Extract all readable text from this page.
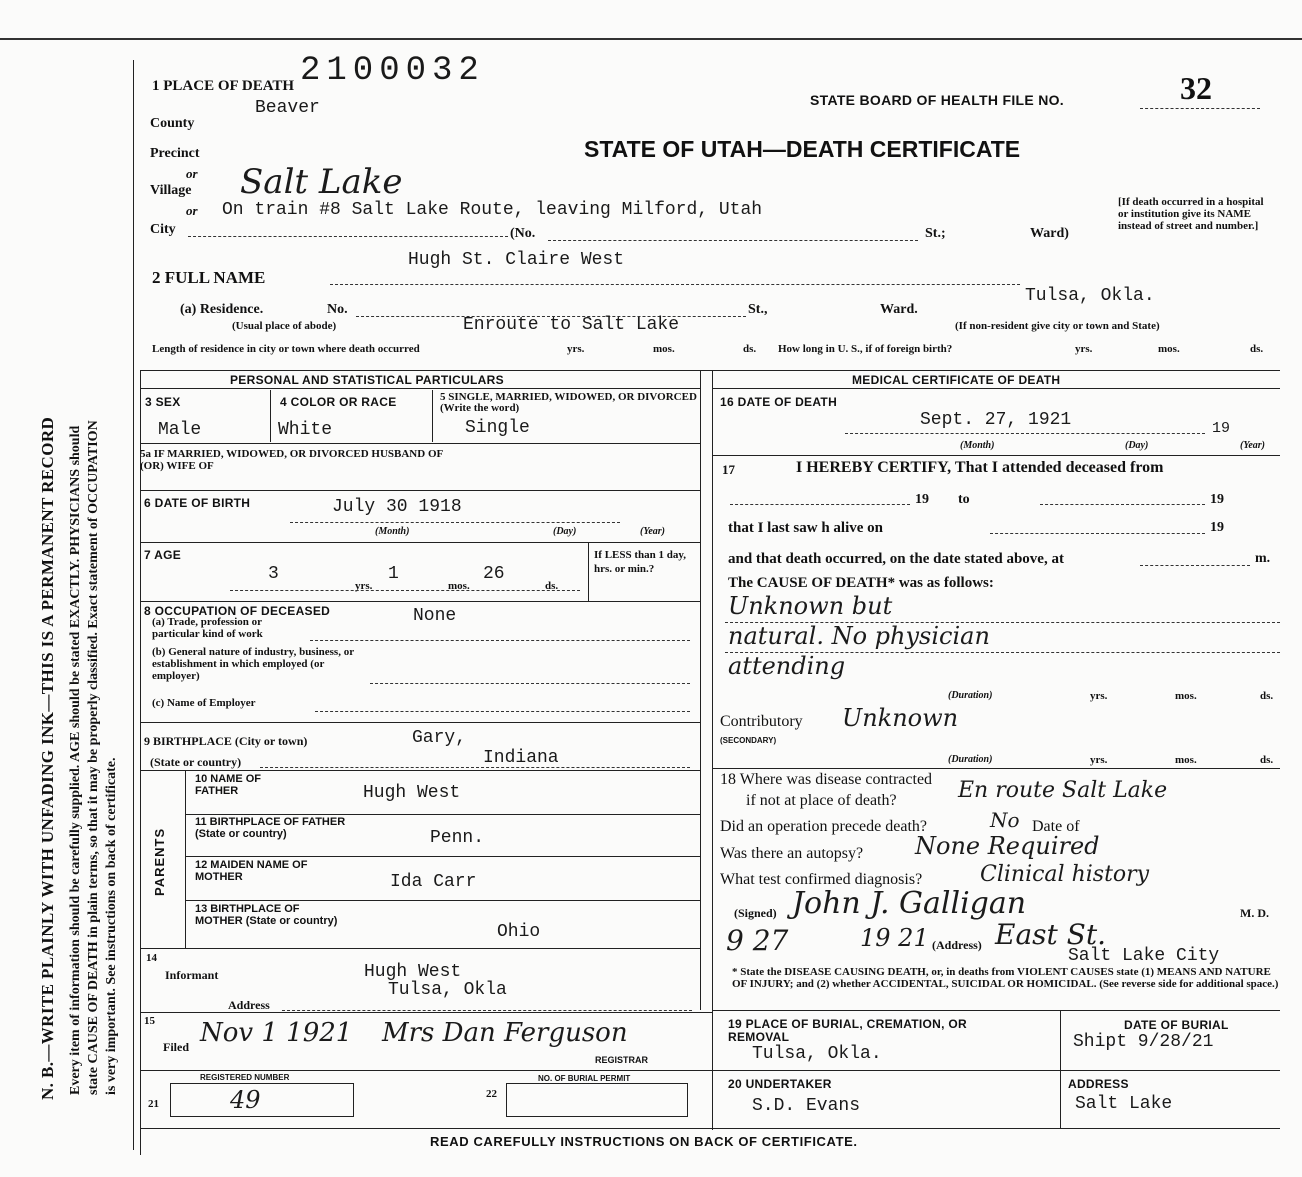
N. B.—WRITE PLAINLY WITH UNFADING INK—THIS IS A PERMANENT RECORD Every item of information should be carefully supplied. AGE should be stated EXACTLY. PHYSICIANS should state CAUSE OF DEATH in plain terms, so that it may be properly classified. Exact statement of OCCUPATION is very important. See instructions on back of certificate.
2100032
1 PLACE OF DEATH
STATE BOARD OF HEALTH FILE NO.	32
STATE OF UTAH—DEATH CERTIFICATE
County
Beaver
Precinct
or
Village Salt Lake
or On train #8 Salt Lake Route, leaving Milford, Utah
City	(No.	St.;	Ward)
[If death occurred in a hospital or institution give its NAME instead of street and number.]
2 FULL NAME
Hugh St. Claire West
(a) Residence.	No.	St.,	Ward.
Tulsa, Okla.
(Usual place of abode)	Enroute to Salt Lake	(If non-resident give city or town and State)
Length of residence in city or town where death occurred	yrs.	mos.	ds. How long in U. S., if of foreign birth?	yrs.	mos.	ds.
PERSONAL AND STATISTICAL PARTICULARS
3 SEX
Male
4 COLOR OR RACE
White
5 SINGLE, MARRIED, WIDOWED, OR DIVORCED (Write the word)
Single
5a IF MARRIED, WIDOWED, OR DIVORCED HUSBAND OF (OR) WIFE OF
6 DATE OF BIRTH	July 30 1918
(Month)	(Day)	(Year)
7 AGE
3
yrs.
1
mos.
26
ds.
If LESS than 1 day, hrs. or min.?
8 OCCUPATION OF DECEASED
(a) Trade, profession or particular kind of work
None
(b) General nature of industry, business, or establishment in which employed (or employer)
(c) Name of Employer
9 BIRTHPLACE (City or town)	Gary,
(State or country)	Indiana
PARENTS
10 NAME OF FATHER	Hugh West
11 BIRTHPLACE OF FATHER (State or country)	Penn.
12 MAIDEN NAME OF MOTHER	Ida Carr
13 BIRTHPLACE OF MOTHER (State or country)
Ohio
14
Informant	Hugh West
Tulsa, Okla
Address
15
Filed Nov 1 1921 Mrs Dan Ferguson
REGISTRAR
REGISTERED NUMBER
21	49	22
NO. OF BURIAL PERMIT
MEDICAL CERTIFICATE OF DEATH
16 DATE OF DEATH
Sept. 27, 1921	19
(Month)	(Day)	(Year)
17	I HEREBY CERTIFY, That I attended deceased from
to
19	19
that I last saw h alive on	19
and that death occurred, on the date stated above, at	m.
The CAUSE OF DEATH* was as follows:
Unknown but
natural. No physician
attending
(Duration)	yrs.	mos.	ds.
Contributory Unknown
(SECONDARY)
(Duration)	yrs.	mos.	ds.
18 Where was disease contracted
if not at place of death?	En route Salt Lake
Did an operation precede death?	No Date of
Was there an autopsy? None Required
What test confirmed diagnosis?	Clinical history
(Signed) John J. Galligan	M. D.
9 27	19 21 (Address) East St.
Salt Lake City
* State the DISEASE CAUSING DEATH, or, in deaths from VIOLENT CAUSES state (1) MEANS AND NATURE OF INJURY; and (2) whether ACCIDENTAL, SUICIDAL OR HOMICIDAL. (See reverse side for additional space.)
19 PLACE OF BURIAL, CREMATION, OR REMOVAL
Tulsa, Okla.
DATE OF BURIAL
Shipt 9/28/21
20 UNDERTAKER
S.D. Evans
ADDRESS
Salt Lake
READ CAREFULLY INSTRUCTIONS ON BACK OF CERTIFICATE.
